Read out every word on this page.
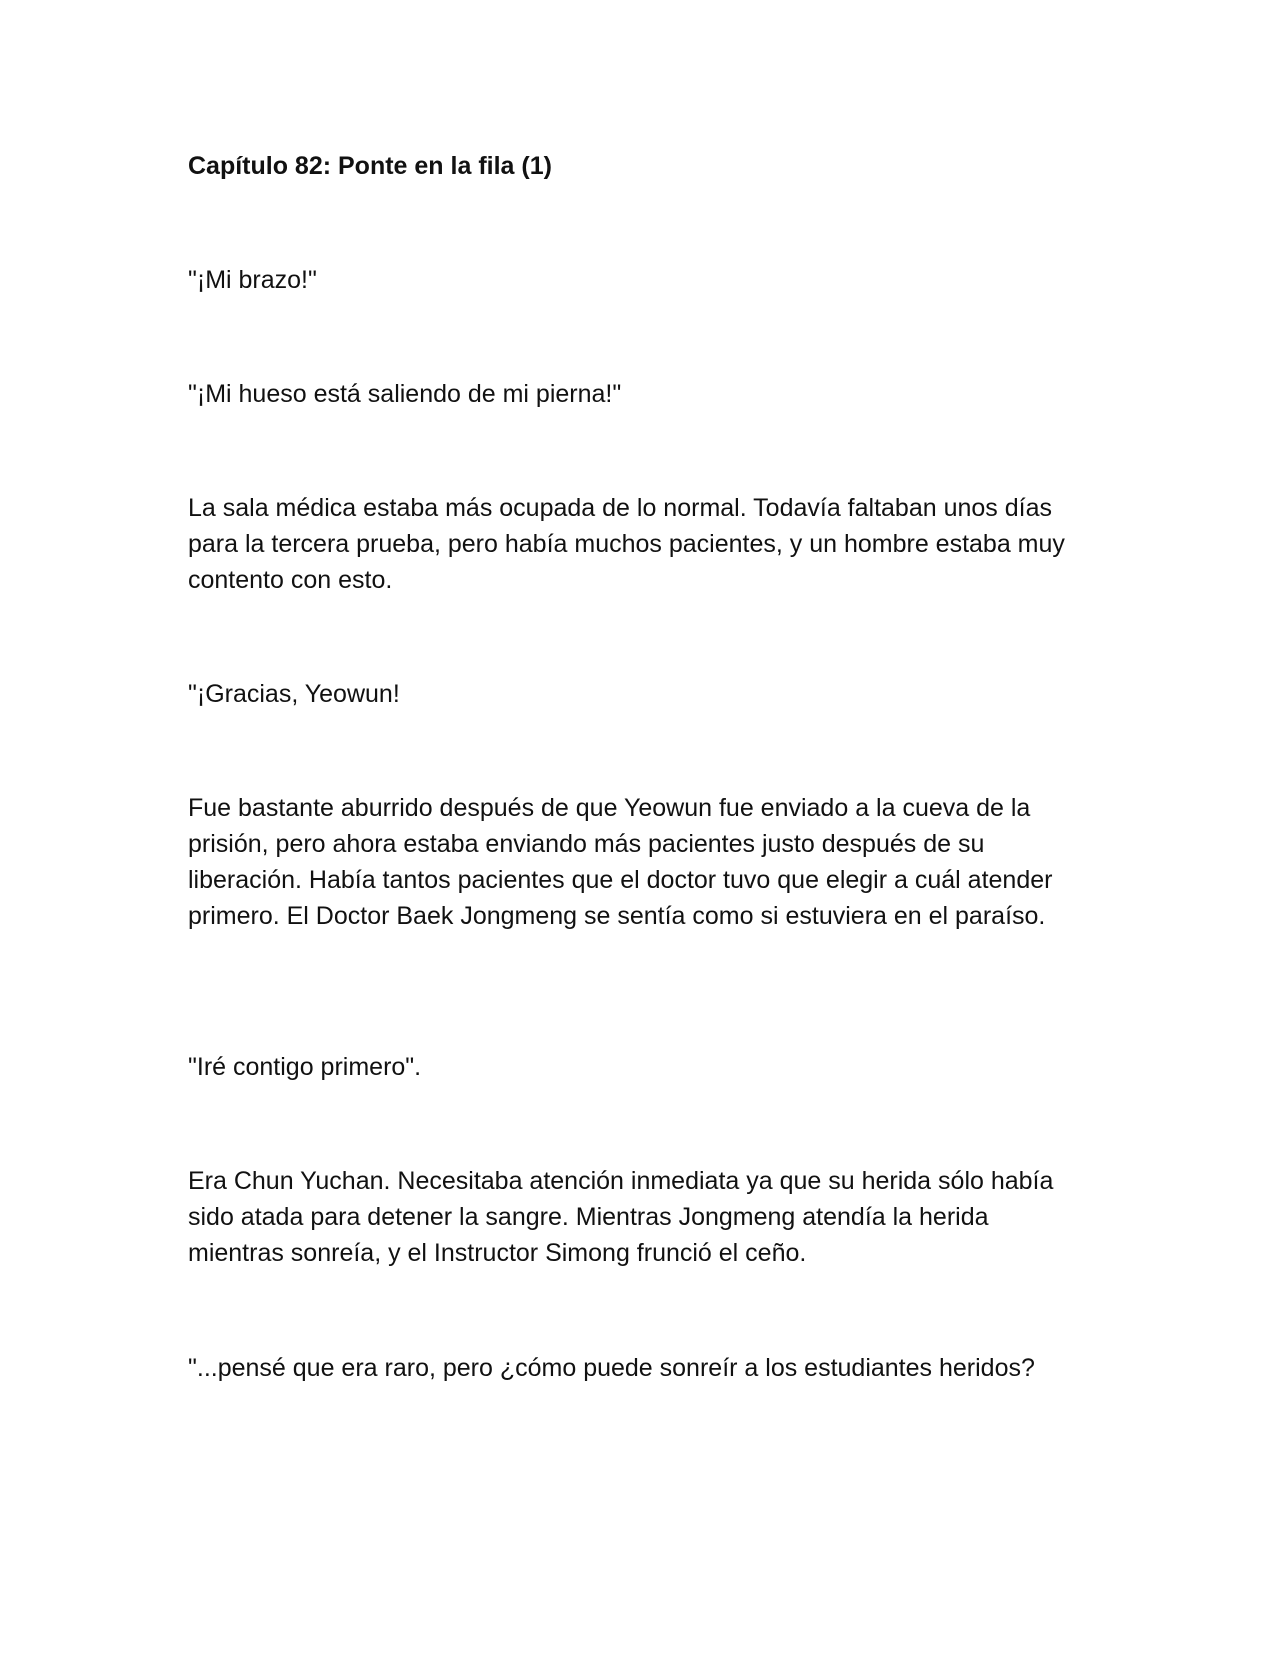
Capítulo 82: Ponte en la fila (1)

"¡Mi brazo!"

"¡Mi hueso está saliendo de mi pierna!"

La sala médica estaba más ocupada de lo normal. Todavía faltaban unos días para la tercera prueba, pero había muchos pacientes, y un hombre estaba muy contento con esto.

"¡Gracias, Yeowun!

Fue bastante aburrido después de que Yeowun fue enviado a la cueva de la prisión, pero ahora estaba enviando más pacientes justo después de su liberación. Había tantos pacientes que el doctor tuvo que elegir a cuál atender primero. El Doctor Baek Jongmeng se sentía como si estuviera en el paraíso.

"Iré contigo primero".

Era Chun Yuchan. Necesitaba atención inmediata ya que su herida sólo había sido atada para detener la sangre. Mientras Jongmeng atendía la herida mientras sonreía, y el Instructor Simong frunció el ceño.

"...pensé que era raro, pero ¿cómo puede sonreír a los estudiantes heridos?
